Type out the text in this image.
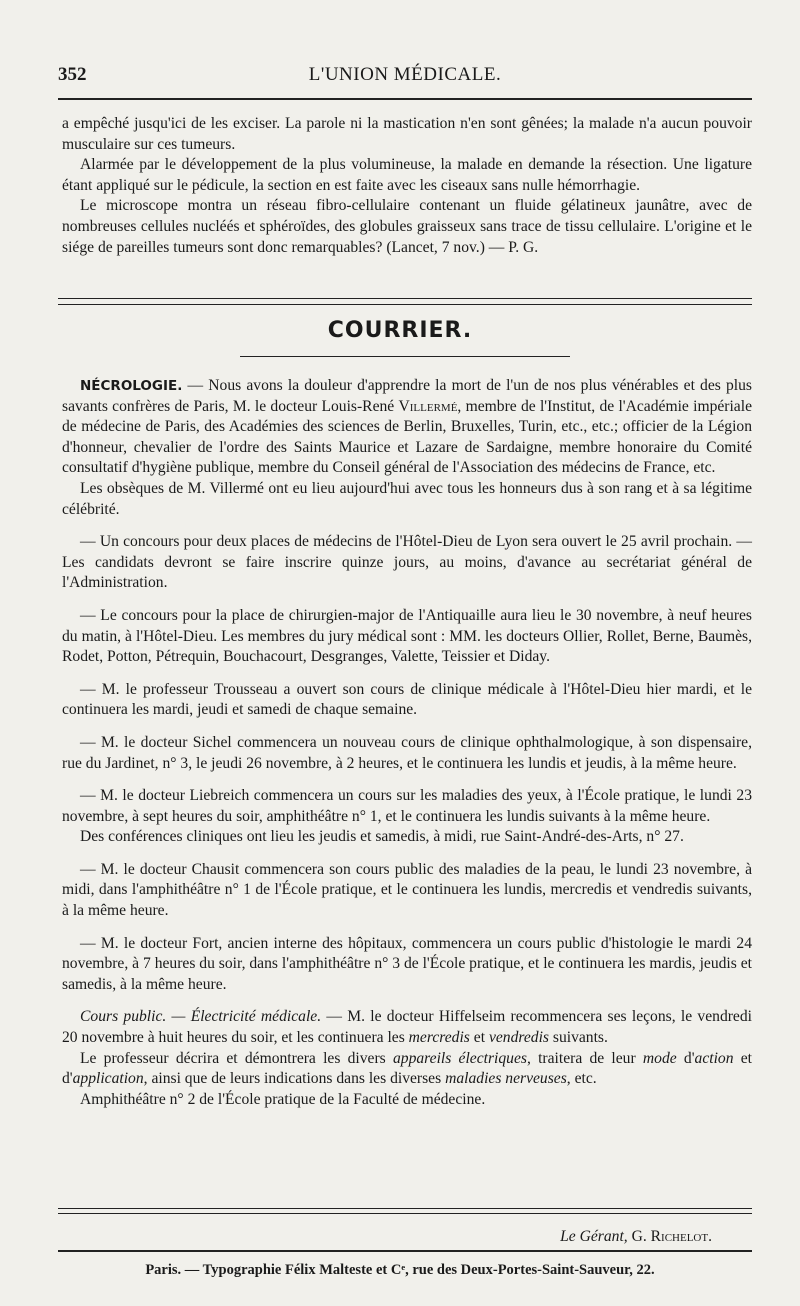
352	L'UNION MÉDICALE.

a empêché jusqu'ici de les exciser. La parole ni la mastication n'en sont gênées; la malade n'a aucun pouvoir musculaire sur ces tumeurs.

Alarmée par le développement de la plus volumineuse, la malade en demande la résection. Une ligature étant appliqué sur le pédicule, la section en est faite avec les ciseaux sans nulle hémorrhagie.

Le microscope montra un réseau fibro-cellulaire contenant un fluide gélatineux jaunâtre, avec de nombreuses cellules nucléés et sphéroïdes, des globules graisseux sans trace de tissu cellulaire. L'origine et le siége de pareilles tumeurs sont donc remarquables? (Lancet, 7 nov.) — P. G.

COURRIER.

NÉCROLOGIE. — Nous avons la douleur d'apprendre la mort de l'un de nos plus vénérables et des plus savants confrères de Paris, M. le docteur Louis-René Villermé, membre de l'Institut, de l'Académie impériale de médecine de Paris, des Académies des sciences de Berlin, Bruxelles, Turin, etc., etc.; officier de la Légion d'honneur, chevalier de l'ordre des Saints Maurice et Lazare de Sardaigne, membre honoraire du Comité consultatif d'hygiène publique, membre du Conseil général de l'Association des médecins de France, etc.

Les obsèques de M. Villermé ont eu lieu aujourd'hui avec tous les honneurs dus à son rang et à sa légitime célébrité.

— Un concours pour deux places de médecins de l'Hôtel-Dieu de Lyon sera ouvert le 25 avril prochain. — Les candidats devront se faire inscrire quinze jours, au moins, d'avance au secrétariat général de l'Administration.

— Le concours pour la place de chirurgien-major de l'Antiquaille aura lieu le 30 novembre, à neuf heures du matin, à l'Hôtel-Dieu. Les membres du jury médical sont : MM. les docteurs Ollier, Rollet, Berne, Baumès, Rodet, Potton, Pétrequin, Bouchacourt, Desgranges, Valette, Teissier et Diday.

— M. le professeur Trousseau a ouvert son cours de clinique médicale à l'Hôtel-Dieu hier mardi, et le continuera les mardi, jeudi et samedi de chaque semaine.

— M. le docteur Sichel commencera un nouveau cours de clinique ophthalmologique, à son dispensaire, rue du Jardinet, n° 3, le jeudi 26 novembre, à 2 heures, et le continuera les lundis et jeudis, à la même heure.

— M. le docteur Liebreich commencera un cours sur les maladies des yeux, à l'École pratique, le lundi 23 novembre, à sept heures du soir, amphithéâtre n° 1, et le continuera les lundis suivants à la même heure.

Des conférences cliniques ont lieu les jeudis et samedis, à midi, rue Saint-André-des-Arts, n° 27.

— M. le docteur Chausit commencera son cours public des maladies de la peau, le lundi 23 novembre, à midi, dans l'amphithéâtre n° 1 de l'École pratique, et le continuera les lundis, mercredis et vendredis suivants, à la même heure.

— M. le docteur Fort, ancien interne des hôpitaux, commencera un cours public d'histologie le mardi 24 novembre, à 7 heures du soir, dans l'amphithéâtre n° 3 de l'École pratique, et le continuera les mardis, jeudis et samedis, à la même heure.

Cours public. — Électricité médicale. — M. le docteur Hiffelseim recommencera ses leçons, le vendredi 20 novembre à huit heures du soir, et les continuera les mercredis et vendredis suivants.

Le professeur décrira et démontrera les divers appareils électriques, traitera de leur mode d'action et d'application, ainsi que de leurs indications dans les diverses maladies nerveuses, etc.

Amphithéâtre n° 2 de l'École pratique de la Faculté de médecine.

Le Gérant, G. Richelot.
Paris. — Typographie Félix Malteste et Cᵉ, rue des Deux-Portes-Saint-Sauveur, 22.
